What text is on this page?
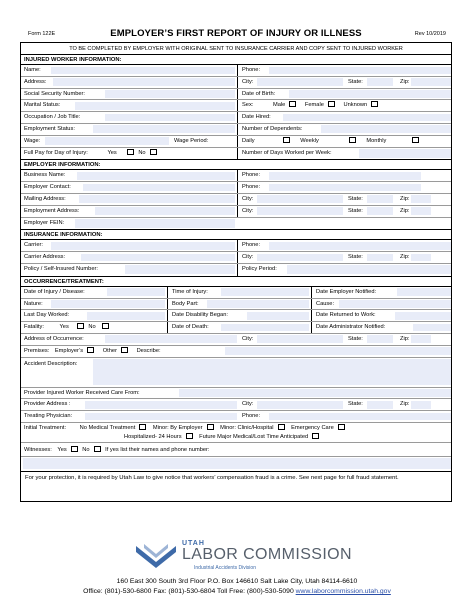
Form 122E	EMPLOYER’S FIRST REPORT OF INJURY OR ILLNESS	Rev 10/2019
TO BE COMPLETED BY EMPLOYER WITH ORIGINAL SENT TO INSURANCE CARRIER AND COPY SENT TO INJURED WORKER
INJURED WORKER INFORMATION:
Name:	Phone:
Address:	City:	State:	Zip:
Social Security Number:	Date of Birth:
Marital Status:	Sex:	Male	Female	Unknown
Occupation / Job Title:	Date Hired:
Employment Status:	Number of Dependents:
Wage:	Wage Period:	Daily	Weekly	Monthly
Full Pay for Day of Injury:	Yes	No	Number of Days Worked per Week:
EMPLOYER INFORMATION:
Business Name:	Phone:
Employer Contact:	Phone:
Mailing Address:	City:	State:	Zip:
Employment Address:	City:	State:	Zip:
Employer FEIN:
INSURANCE INFORMATION:
Carrier:	Phone:
Carrier Address:	City:	State:	Zip:
Policy / Self-Insured Number:	Policy Period:
OCCURRENCE/TREATMENT:
Date of Injury / Disease:	Time of Injury:	Date Employer Notified:
Nature:	Body Part:	Cause:
Last Day Worked:	Date Disability Began:	Date Returned to Work:
Fatality:	Yes	No	Date of Death:	Date Administrator Notified:
Address of Occurrence:	City:	State:	Zip:
Premises: Employer’s	Other	Describe:
Accident Description:
Provider Injured Worker Received Care From:
Provider Address :	City:	State:	Zip:
Treating Physician:	Phone:
Initial Treatment: No Medical Treatment	Minor: By Employer	Minor: Clinic/Hospital	Emergency Care
Hospitalized- 24 Hours	Future Major Medical/Lost Time Anticipated
Witnesses: Yes	No	If yes list their names and phone number:
For your protection, it is required by Utah Law to give notice that workers’ compensation fraud is a crime. See next page for full fraud statement.
UTAH
LABOR COMMISSION
Industrial Accidents Division
160 East 300 South 3rd Floor P.O. Box 146610 Salt Lake City, Utah 84114-6610
Office: (801)-530-6800 Fax: (801)-530-6804 Toll Free: (800)-530-5090 www.laborcommission.utah.gov
